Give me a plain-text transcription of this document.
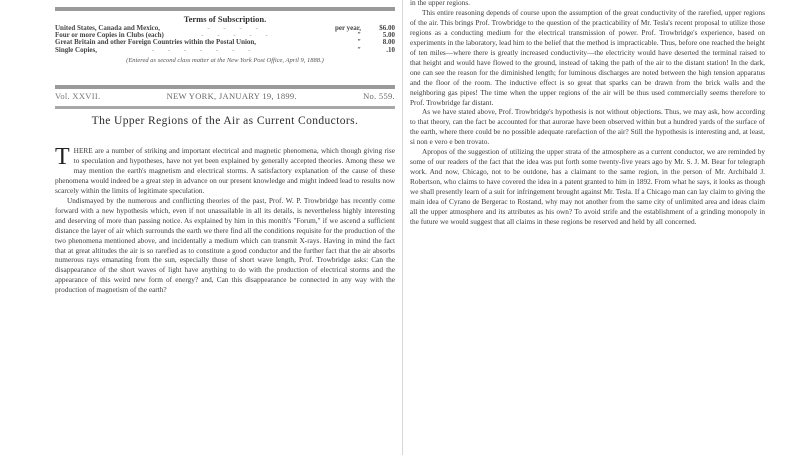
Terms of Subscription.
United States, Canada and Mexico,	- - - -	per year,	$6.00
Four or more Copies in Clubs (each)	- - - - -	"	5.00
Great Britain and other Foreign Countries within the Postal Union,	"	8.00
Single Copies,	- - - - - - -	"	.10
(Entered as second class matter at the New York Post Office, April 9, 1888.)
Vol. XXVII.	NEW YORK, JANUARY 19, 1899.	No. 559.
The Upper Regions of the Air as Current Conductors.

THERE are a number of striking and important electrical and magnetic phenomena, which though giving rise to speculation and hypotheses, have not yet been explained by generally accepted theories. Among these we may mention the earth's magnetism and electrical storms. A satisfactory explanation of the cause of these phenomena would indeed be a great step in advance on our present knowledge and might indeed lead to results now scarcely within the limits of legitimate speculation.

Undismayed by the numerous and conflicting theories of the past, Prof. W. P. Trowbridge has recently come forward with a new hypothesis which, even if not unassailable in all its details, is nevertheless highly interesting and deserving of more than passing notice. As explained by him in this month's "Forum," if we ascend a sufficient distance the layer of air which surrounds the earth we there find all the conditions requisite for the production of the two phenomena mentioned above, and incidentally a medium which can transmit X-rays. Having in mind the fact that at great altitudes the air is so rarefied as to constitute a good conductor and the further fact that the air absorbs numerous rays emanating from the sun, especially those of short wave length, Prof. Trowbridge asks: Can the disappearance of the short waves of light have anything to do with the production of electrical storms and the appearance of this weird new form of energy? and, Can this disappearance be connected in any way with the production of magnetism of the earth?

in the upper regions.

This entire reasoning depends of course upon the assumption of the great conductivity of the rarefied, upper regions of the air. This brings Prof. Trowbridge to the question of the practicability of Mr. Tesla's recent proposal to utilize those regions as a conducting medium for the electrical transmission of power. Prof. Trowbridge's experience, based on experiments in the laboratory, lead him to the belief that the method is impracticable. Thus, before one reached the height of ten miles—where there is greatly increased conductivity—the electricity would have deserted the terminal raised to that height and would have flowed to the ground, instead of taking the path of the air to the distant station! In the dark, one can see the reason for the diminished length; for luminous discharges are noted between the high tension apparatus and the floor of the room. The inductive effect is so great that sparks can be drawn from the brick walls and the neighboring gas pipes! The time when the upper regions of the air will be thus used commercially seems therefore to Prof. Trowbridge far distant.

As we have stated above, Prof. Trowbridge's hypothesis is not without objections. Thus, we may ask, how according to that theory, can the fact be accounted for that aurorae have been observed within but a hundred yards of the surface of the earth, where there could be no possible adequate rarefaction of the air? Still the hypothesis is interesting and, at least, si non e vero e ben trovato.

Apropos of the suggestion of utilizing the upper strata of the atmosphere as a current conductor, we are reminded by some of our readers of the fact that the idea was put forth some twenty-five years ago by Mr. S. J. M. Bear for telegraph work. And now, Chicago, not to be outdone, has a claimant to the same region, in the person of Mr. Archibald J. Robertson, who claims to have covered the idea in a patent granted to him in 1892. From what he says, it looks as though we shall presently learn of a suit for infringement brought against Mr. Tesla. If a Chicago man can lay claim to giving the main idea of Cyrano de Bergerac to Rostand, why may not another from the same city of unlimited area and ideas claim all the upper atmosphere and its attributes as his own? To avoid strife and the establishment of a grinding monopoly in the future we would suggest that all claims in these regions be reserved and held by all concerned.
